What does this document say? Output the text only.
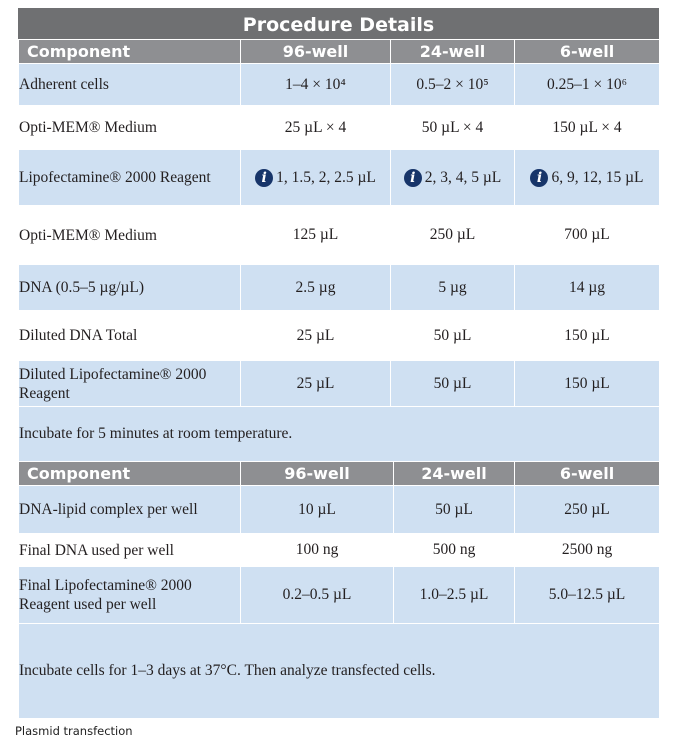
Procedure Details
Component	96-well	24-well	6-well
Adherent cells	1–4 × 10⁴	0.5–2 × 10⁵	0.25–1 × 10⁶
Opti-MEM® Medium	25 µL × 4	50 µL × 4	150 µL × 4
Lipofectamine® 2000 Reagent	i 1, 1.5, 2, 2.5 µL	i 2, 3, 4, 5 µL	i 6, 9, 12, 15 µL

Opti-MEM® Medium	125 µL	250 µL	700 µL
DNA (0.5–5 µg/µL)	2.5 µg	5 µg	14 µg
Diluted DNA Total	25 µL	50 µL	150 µL
Diluted Lipofectamine® 2000 Reagent	25 µL	50 µL	150 µL
Incubate for 5 minutes at room temperature.			
Component	96-well	24-well	6-well
DNA-lipid complex per well	10 µL	50 µL	250 µL
Final DNA used per well	100 ng	500 ng	2500 ng
Final Lipofectamine® 2000 Reagent used per well	0.2–0.5 µL	1.0–2.5 µL	5.0–12.5 µL
Incubate cells for 1–3 days at 37°C. Then analyze transfected cells.			
Plasmid transfection
